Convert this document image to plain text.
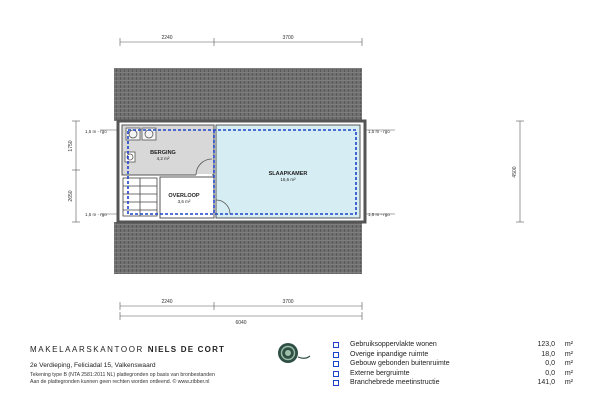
2240	3700
2240	3700
6040
1750
2650
4500
1,5 m - rgo
1,5 m - rgo
1,5 m - rgo
1,5 m - rgo
BERGING
4,2 m²
SLAAPKAMER
16,6 m²
OVERLOOP
3,6 m²
MAKELAARSKANTOOR NIELS DE CORT
2e Verdieping, Feliciadal 15, Valkenswaard
Tekening type B (NTA 2581:2011 NL) plattegronden op basis van bronbestanden
Aan de plattegronden kunnen geen rechten worden ontleend. © www.zibber.nl
Gebruiksoppervlakte wonen	123,0 m²
Overige inpandige ruimte	18,0 m²
Gebouw gebonden buitenruimte	0,0 m²
Externe bergruimte	0,0 m²
Branchebrede meetinstructie	141,0 m²
